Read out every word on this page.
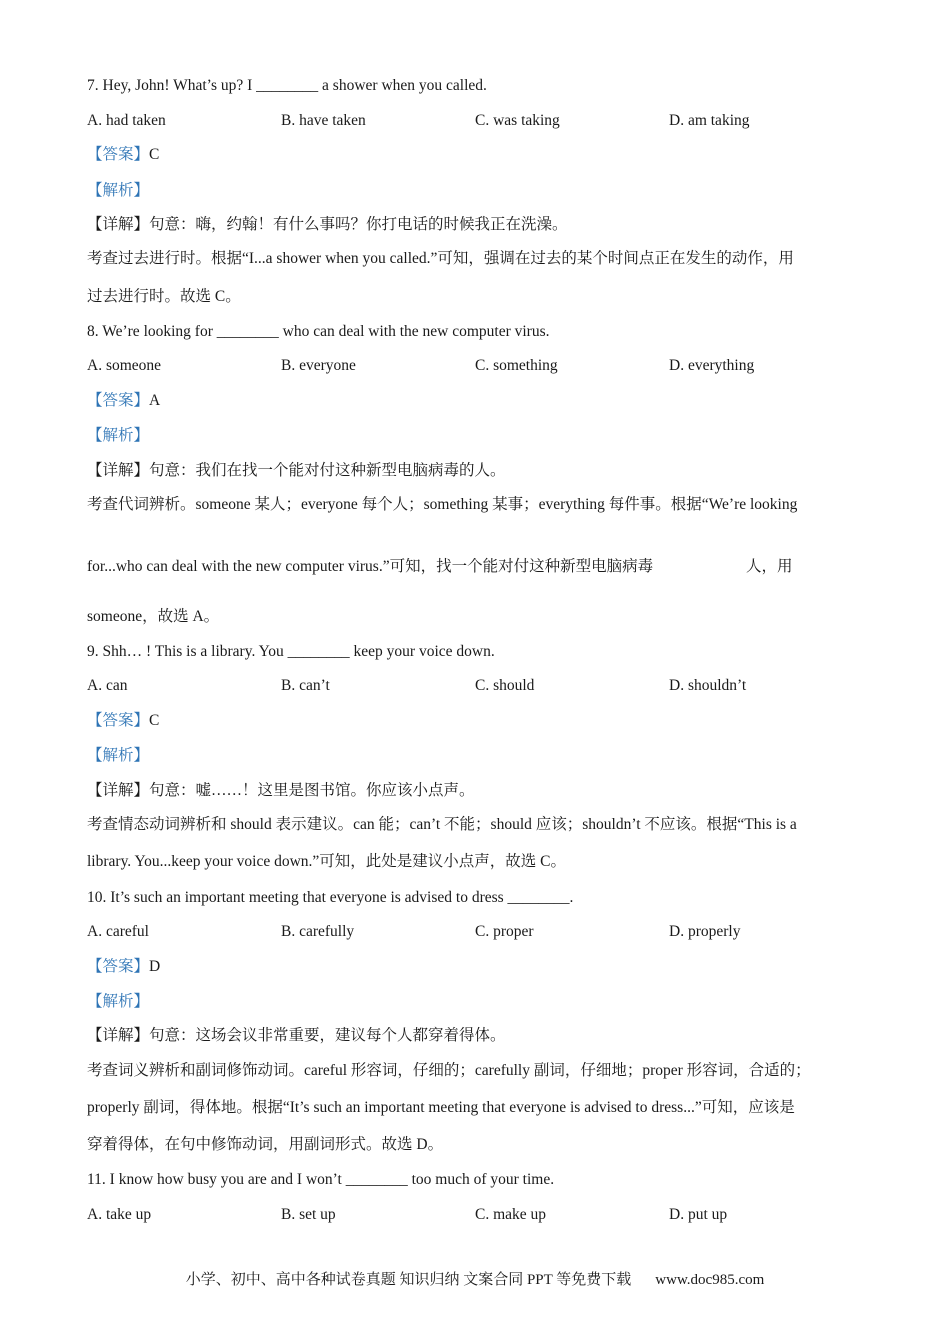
7. Hey, John! What’s up? I ________ a shower when you called.
A. had taken	B. have taken	C. was taking	D. am taking
【答案】C
【解析】
【详解】句意：嗨，约翰！有什么事吗？你打电话的时候我正在洗澡。
考查过去进行时。根据“I...a shower when you called.”可知，强调在过去的某个时间点正在发生的动作，用
过去进行时。故选 C。
8. We’re looking for ________ who can deal with the new computer virus.
A. someone	B. everyone	C. something	D. everything
【答案】A
【解析】
【详解】句意：我们在找一个能对付这种新型电脑病毒的人。
考查代词辨析。someone 某人；everyone 每个人；something 某事；everything 每件事。根据“We’re looking
for...who can deal with the new computer virus.”可知，找一个能对付这种新型电脑病毒	人，用
someone，故选 A。
9. Shh… ! This is a library. You ________ keep your voice down.
A. can	B. can’t	C. should	D. shouldn’t
【答案】C
【解析】
【详解】句意：嘘……！这里是图书馆。你应该小点声。
考查情态动词辨析和 should 表示建议。can 能；can’t 不能；should 应该；shouldn’t 不应该。根据“This is a
library. You...keep your voice down.”可知，此处是建议小点声，故选 C。
10. It’s such an important meeting that everyone is advised to dress ________.
A. careful	B. carefully	C. proper	D. properly
【答案】D
【解析】
【详解】句意：这场会议非常重要，建议每个人都穿着得体。
考查词义辨析和副词修饰动词。careful 形容词，仔细的；carefully 副词，仔细地；proper 形容词，合适的；
properly 副词，得体地。根据“It’s such an important meeting that everyone is advised to dress...”可知，应该是
穿着得体，在句中修饰动词，用副词形式。故选 D。
11. I know how busy you are and I won’t ________ too much of your time.
A. take up	B. set up	C. make up	D. put up
小学、初中、高中各种试卷真题 知识归纳 文案合同 PPT 等免费下载 www.doc985.com
